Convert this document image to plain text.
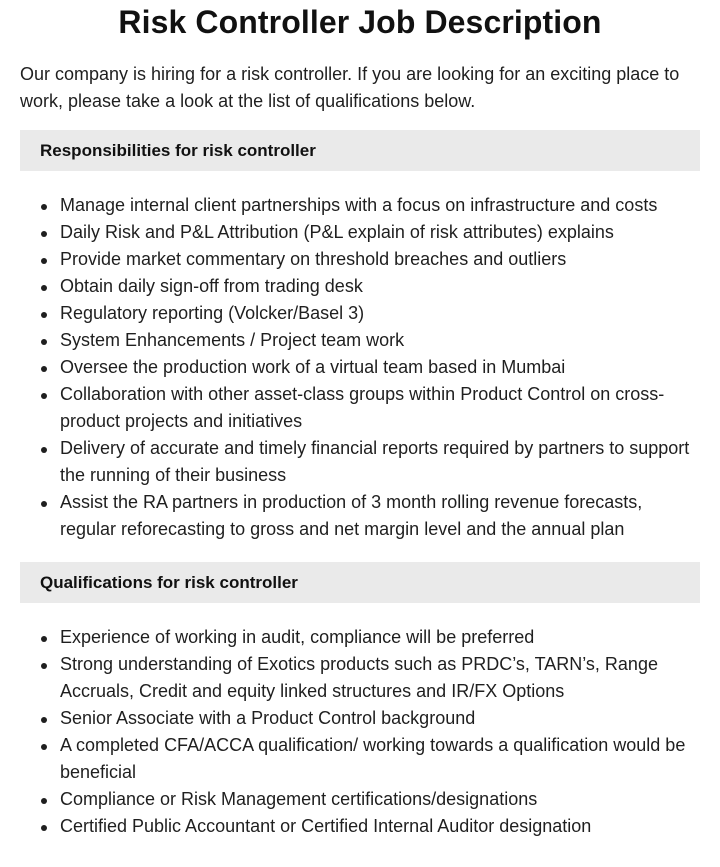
Risk Controller Job Description

Our company is hiring for a risk controller. If you are looking for an exciting place to work, please take a look at the list of qualifications below.

Responsibilities for risk controller
Manage internal client partnerships with a focus on infrastructure and costs
Daily Risk and P&L Attribution (P&L explain of risk attributes) explains
Provide market commentary on threshold breaches and outliers
Obtain daily sign-off from trading desk
Regulatory reporting (Volcker/Basel 3)
System Enhancements / Project team work
Oversee the production work of a virtual team based in Mumbai
Collaboration with other asset-class groups within Product Control on cross-product projects and initiatives
Delivery of accurate and timely financial reports required by partners to support the running of their business
Assist the RA partners in production of 3 month rolling revenue forecasts, regular reforecasting to gross and net margin level and the annual plan
Qualifications for risk controller
Experience of working in audit, compliance will be preferred
Strong understanding of Exotics products such as PRDC’s, TARN’s, Range Accruals, Credit and equity linked structures and IR/FX Options
Senior Associate with a Product Control background
A completed CFA/ACCA qualification/ working towards a qualification would be beneficial
Compliance or Risk Management certifications/designations
Certified Public Accountant or Certified Internal Auditor designation
